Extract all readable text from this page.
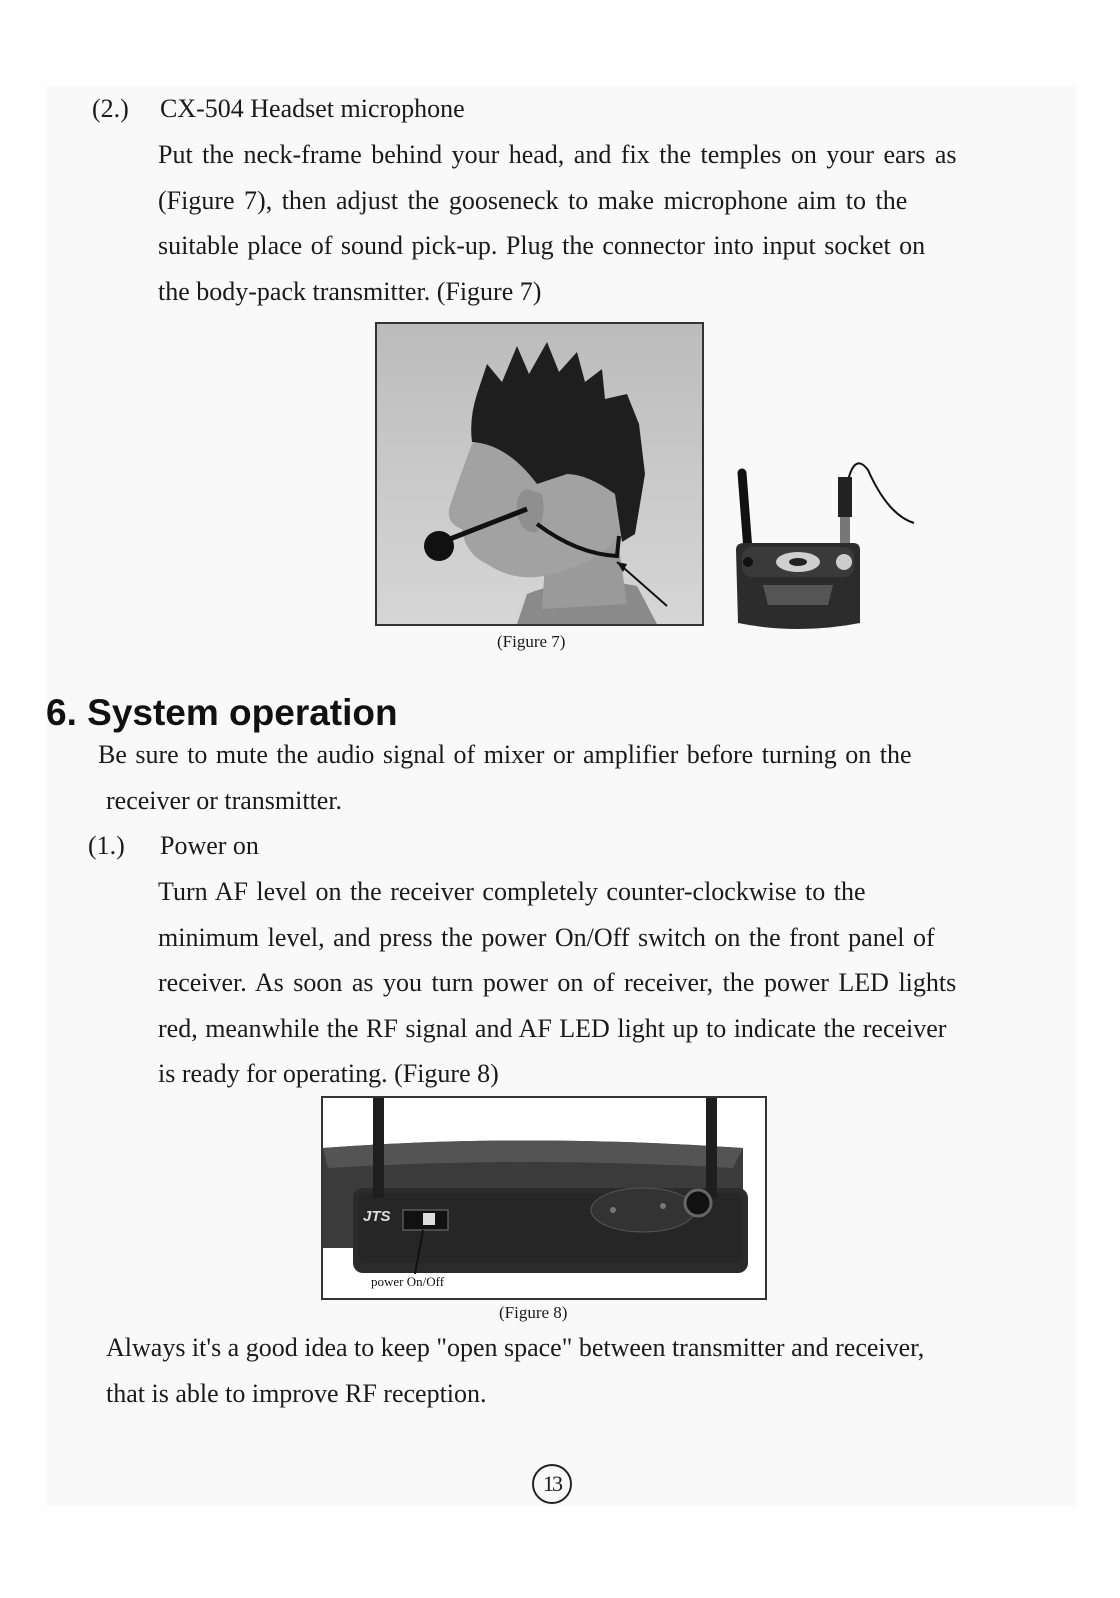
(2.) CX-504 Headset microphone
Put the neck-frame behind your head, and fix the temples on your ears as
(Figure 7), then adjust the gooseneck to make microphone aim to the
suitable place of sound pick-up. Plug the connector into input socket on
the body-pack transmitter. (Figure 7)
(Figure 7)
6. System operation
Be sure to mute the audio signal of mixer or amplifier before turning on the
receiver or transmitter.
(1.) Power on
Turn AF level on the receiver completely counter-clockwise to the
minimum level, and press the power On/Off switch on the front panel of
receiver. As soon as you turn power on of receiver, the power LED lights
red, meanwhile the RF signal and AF LED light up to indicate the receiver
is ready for operating. (Figure 8)
JTS
power On/Off
(Figure 8)
Always it's a good idea to keep "open space" between transmitter and receiver,
that is able to improve RF reception.
13
